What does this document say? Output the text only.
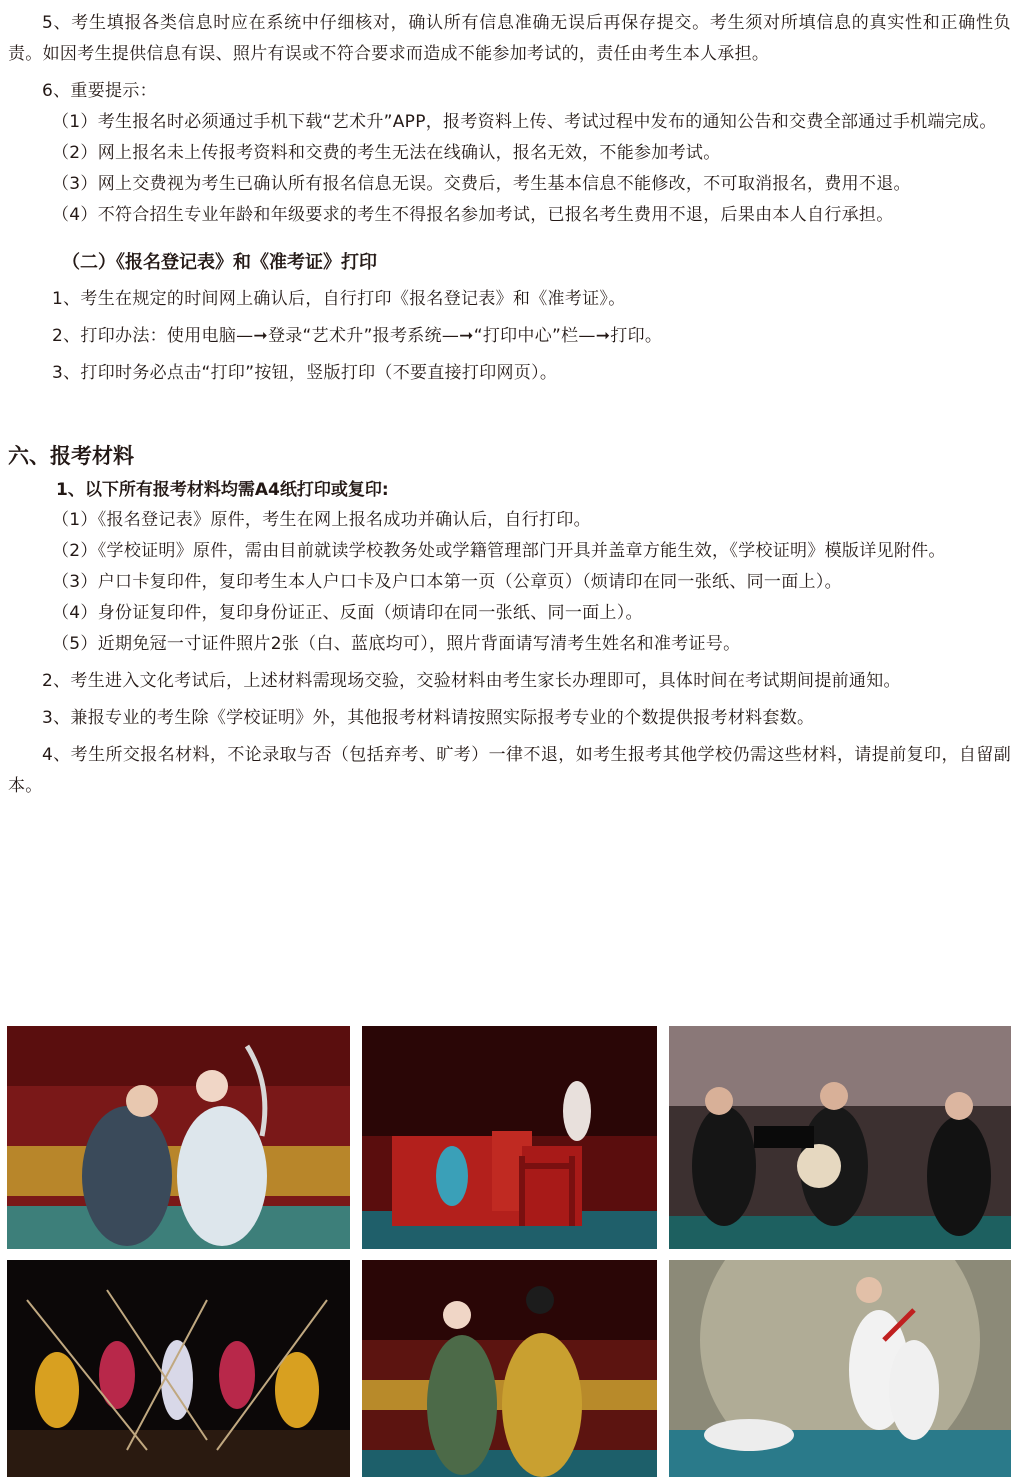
5、考生填报各类信息时应在系统中仔细核对，确认所有信息准确无误后再保存提交。考生须对所填信息的真实性和正确性负责。如因考生提供信息有误、照片有误或不符合要求而造成不能参加考试的，责任由考生本人承担。

6、重要提示：

（1）考生报名时必须通过手机下载“艺术升”APP，报考资料上传、考试过程中发布的通知公告和交费全部通过手机端完成。

（2）网上报名未上传报考资料和交费的考生无法在线确认，报名无效，不能参加考试。

（3）网上交费视为考生已确认所有报名信息无误。交费后，考生基本信息不能修改，不可取消报名，费用不退。

（4）不符合招生专业年龄和年级要求的考生不得报名参加考试，已报名考生费用不退，后果由本人自行承担。

（二）《报名登记表》和《准考证》打印

1、考生在规定的时间网上确认后，自行打印《报名登记表》和《准考证》。

2、打印办法：使用电脑—➞登录“艺术升”报考系统—➞“打印中心”栏—➞打印。

3、打印时务必点击“打印”按钮，竖版打印（不要直接打印网页）。

六、报考材料

1、以下所有报考材料均需A4纸打印或复印:

（1）《报名登记表》原件，考生在网上报名成功并确认后，自行打印。

（2）《学校证明》原件，需由目前就读学校教务处或学籍管理部门开具并盖章方能生效，《学校证明》模版详见附件。

（3）户口卡复印件，复印考生本人户口卡及户口本第一页（公章页）（烦请印在同一张纸、同一面上）。

（4）身份证复印件，复印身份证正、反面（烦请印在同一张纸、同一面上）。

（5）近期免冠一寸证件照片2张（白、蓝底均可），照片背面请写清考生姓名和准考证号。

2、考生进入文化考试后，上述材料需现场交验，交验材料由考生家长办理即可，具体时间在考试期间提前通知。

3、兼报专业的考生除《学校证明》外，其他报考材料请按照实际报考专业的个数提供报考材料套数。

4、考生所交报名材料，不论录取与否（包括弃考、旷考）一律不退，如考生报考其他学校仍需这些材料，请提前复印，自留副本。
